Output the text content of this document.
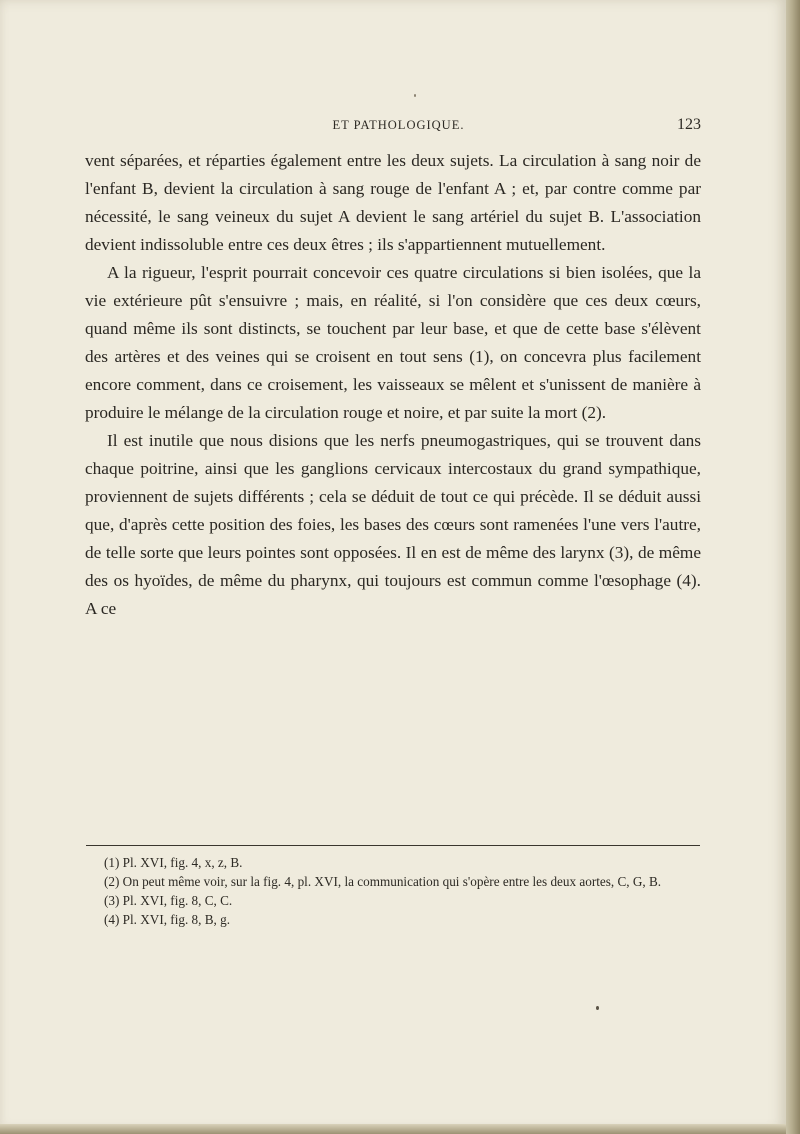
ET PATHOLOGIQUE.	123

vent séparées, et réparties également entre les deux sujets. La circulation à sang noir de l'enfant B, devient la circulation à sang rouge de l'enfant A ; et, par contre comme par nécessité, le sang veineux du sujet A devient le sang artériel du sujet B. L'association devient indissoluble entre ces deux êtres ; ils s'appartiennent mutuellement.

A la rigueur, l'esprit pourrait concevoir ces quatre circulations si bien isolées, que la vie extérieure pût s'ensuivre ; mais, en réalité, si l'on considère que ces deux cœurs, quand même ils sont distincts, se touchent par leur base, et que de cette base s'élèvent des artères et des veines qui se croisent en tout sens (1), on concevra plus facilement encore comment, dans ce croisement, les vaisseaux se mêlent et s'unissent de manière à produire le mélange de la circulation rouge et noire, et par suite la mort (2).

Il est inutile que nous disions que les nerfs pneumogastriques, qui se trouvent dans chaque poitrine, ainsi que les ganglions cervicaux intercostaux du grand sympathique, proviennent de sujets différents ; cela se déduit de tout ce qui précède. Il se déduit aussi que, d'après cette position des foies, les bases des cœurs sont ramenées l'une vers l'autre, de telle sorte que leurs pointes sont opposées. Il en est de même des larynx (3), de même des os hyoïdes, de même du pharynx, qui toujours est commun comme l'œsophage (4). A ce

(1) Pl. XVI, fig. 4, x, z, B.

(2) On peut même voir, sur la fig. 4, pl. XVI, la communication qui s'opère entre les deux aortes, C, G, B.

(3) Pl. XVI, fig. 8, C, C.

(4) Pl. XVI, fig. 8, B, g.
